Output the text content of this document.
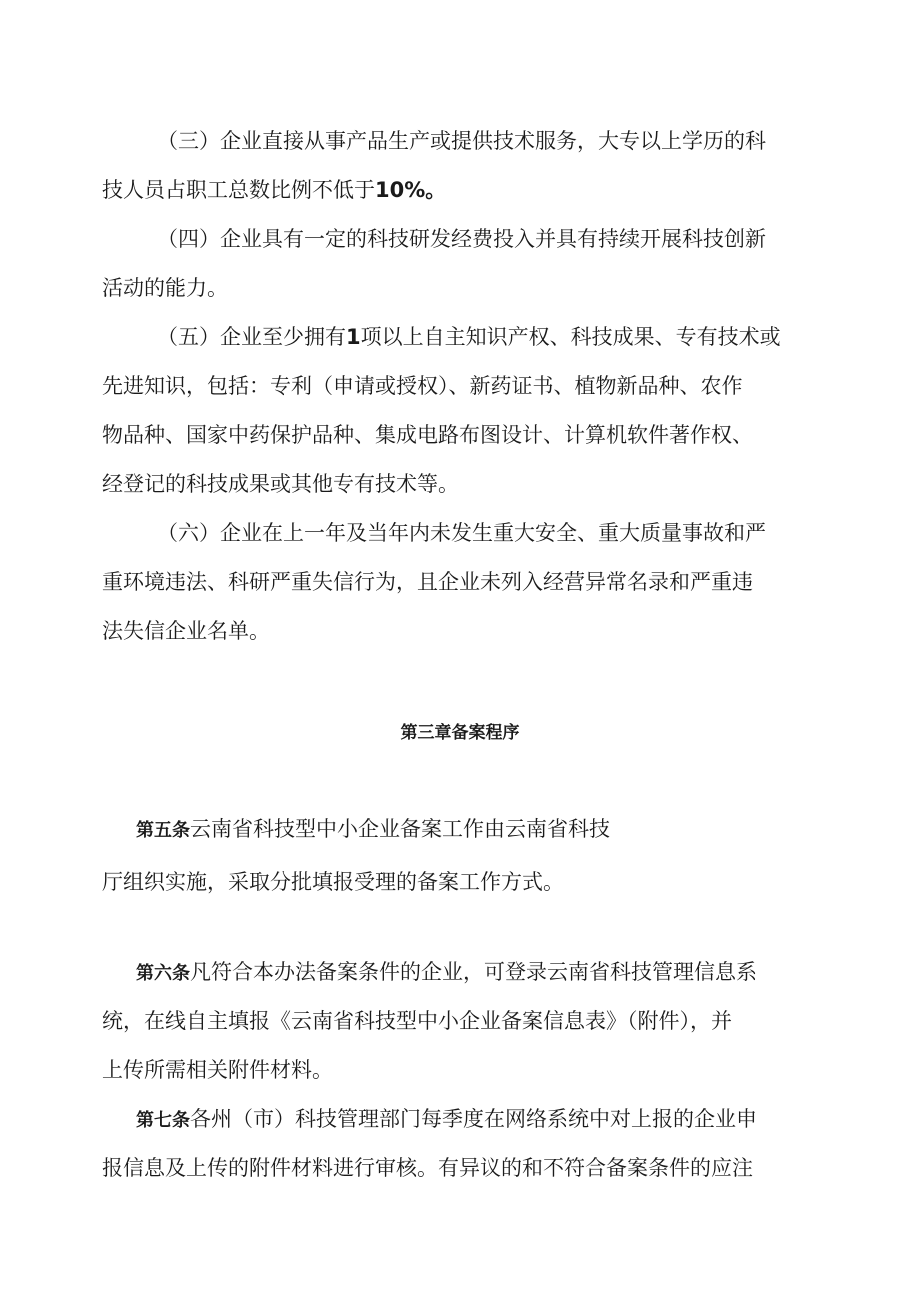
（三）企业直接从事产品生产或提供技术服务，大专以上学历的科
技人员占职工总数比例不低于10%。
（四）企业具有一定的科技研发经费投入并具有持续开展科技创新
活动的能力。
（五）企业至少拥有1项以上自主知识产权、科技成果、专有技术或
先进知识，包括：专利（申请或授权）、新药证书、植物新品种、农作
物品种、国家中药保护品种、集成电路布图设计、计算机软件著作权、
经登记的科技成果或其他专有技术等。
（六）企业在上一年及当年内未发生重大安全、重大质量事故和严
重环境违法、科研严重失信行为，且企业未列入经营异常名录和严重违
法失信企业名单。
第三章备案程序
第五条云南省科技型中小企业备案工作由云南省科技
厅组织实施，采取分批填报受理的备案工作方式。
第六条凡符合本办法备案条件的企业，可登录云南省科技管理信息系
统，在线自主填报《云南省科技型中小企业备案信息表》（附件），并
上传所需相关附件材料。
第七条各州（市）科技管理部门每季度在网络系统中对上报的企业申
报信息及上传的附件材料进行审核。有异议的和不符合备案条件的应注
